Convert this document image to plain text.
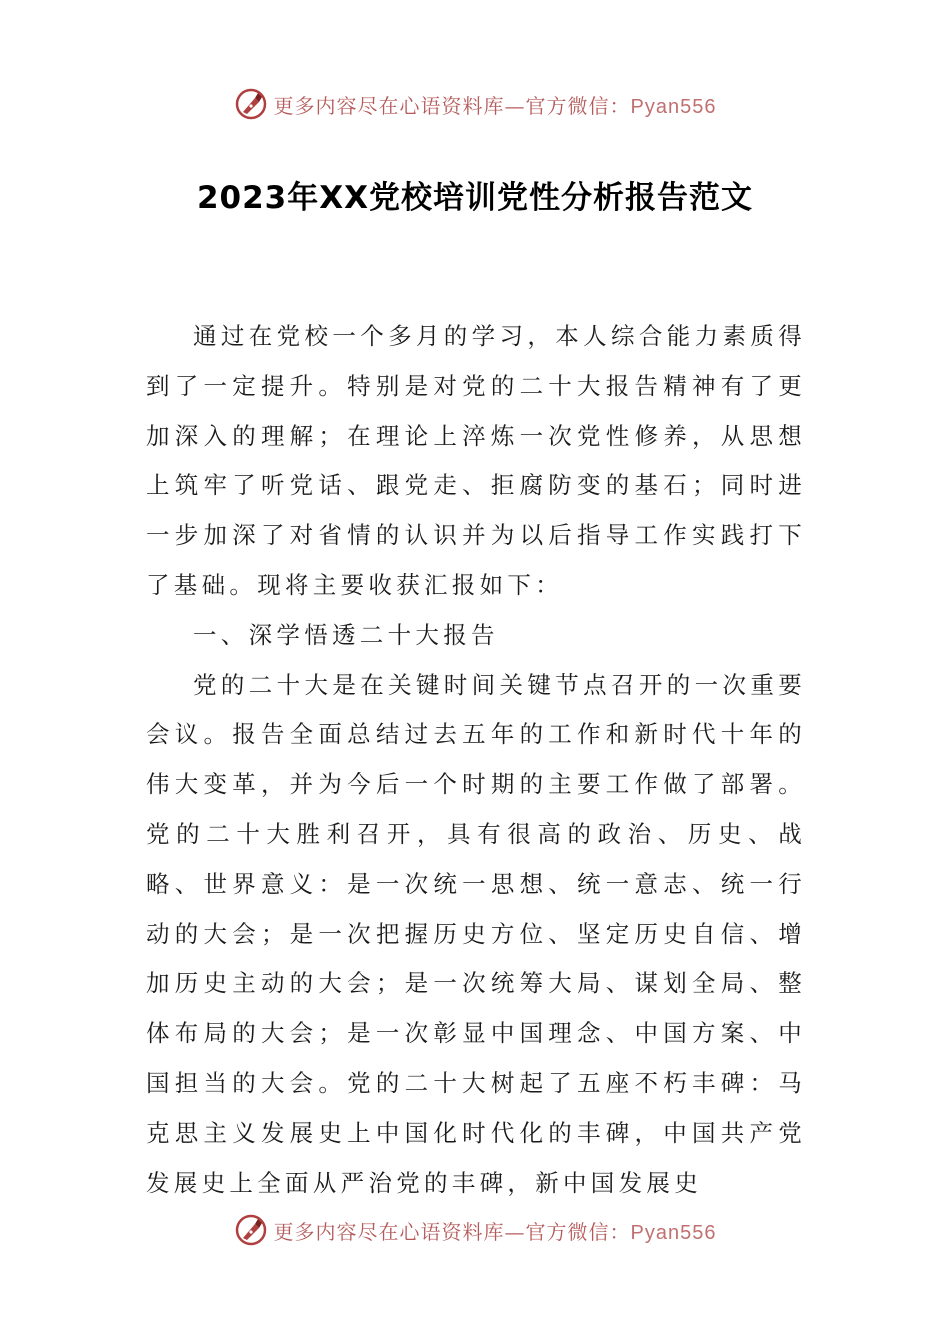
更多内容尽在心语资料库—官方微信：Pyan556
2023年XX党校培训党性分析报告范文

通过在党校一个多月的学习，本人综合能力素质得到了一定提升。特别是对党的二十大报告精神有了更加深入的理解；在理论上淬炼一次党性修养，从思想上筑牢了听党话、跟党走、拒腐防变的基石；同时进一步加深了对省情的认识并为以后指导工作实践打下了基础。现将主要收获汇报如下：

一、深学悟透二十大报告

党的二十大是在关键时间关键节点召开的一次重要会议。报告全面总结过去五年的工作和新时代十年的伟大变革，并为今后一个时期的主要工作做了部署。党的二十大胜利召开，具有很高的政治、历史、战略、世界意义：是一次统一思想、统一意志、统一行动的大会；是一次把握历史方位、坚定历史自信、增加历史主动的大会；是一次统筹大局、谋划全局、整体布局的大会；是一次彰显中国理念、中国方案、中国担当的大会。党的二十大树起了五座不朽丰碑：马克思主义发展史上中国化时代化的丰碑，中国共产党发展史上全面从严治党的丰碑，新中国发展史

更多内容尽在心语资料库—官方微信：Pyan556
